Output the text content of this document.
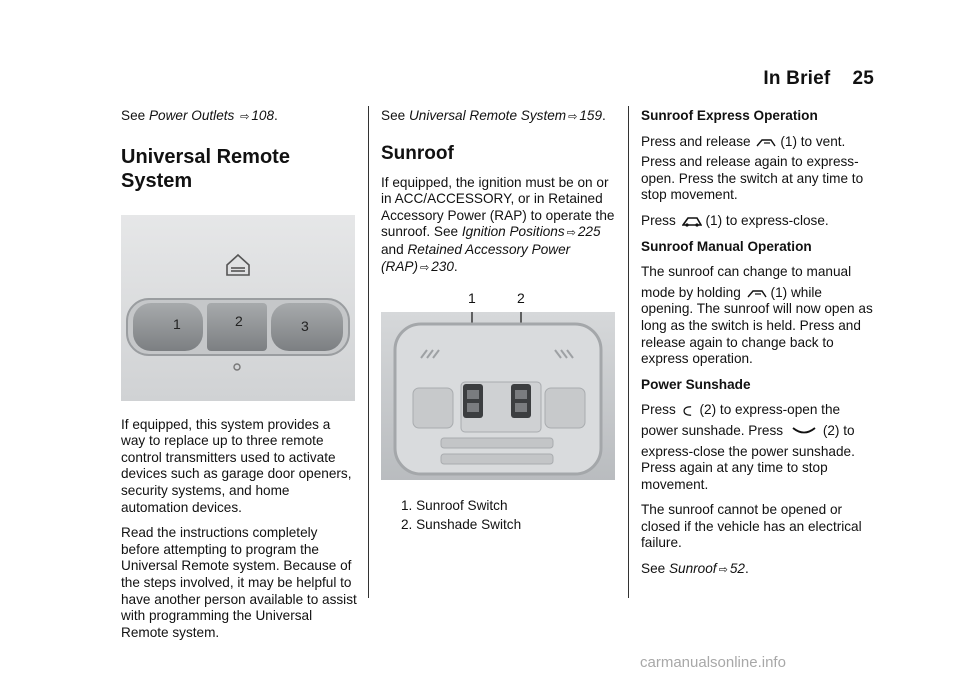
In Brief 25

See Power Outlets ⇨ 108.

Universal Remote System
1	2	3

If equipped, this system provides a way to replace up to three remote control transmitters used to activate devices such as garage door openers, security systems, and home automation devices.

Read the instructions completely before attempting to program the Universal Remote system. Because of the steps involved, it may be helpful to have another person available to assist with programming the Universal Remote system.

See Universal Remote System ⇨ 159.

Sunroof

If equipped, the ignition must be on or in ACC/ACCESSORY, or in Retained Accessory Power (RAP) to operate the sunroof. See Ignition Positions ⇨ 225 and Retained Accessory Power (RAP) ⇨ 230.

1	2
1. Sunroof Switch
2. Sunshade Switch
Sunroof Express Operation

Press and release (1) to vent.

Press and release again to express-open. Press the switch at any time to stop movement.

Press (1) to express-close.

Sunroof Manual Operation

The sunroof can change to manual

mode by holding (1) while

opening. The sunroof will now open as long as the switch is held. Press and release again to change back to express operation.

Power Sunshade

Press (2) to express-open the

power sunshade. Press	(2) to

express-close the power sunshade. Press again at any time to stop movement.

The sunroof cannot be opened or closed if the vehicle has an electrical failure.

See Sunroof ⇨ 52.

carmanualsonline.info
